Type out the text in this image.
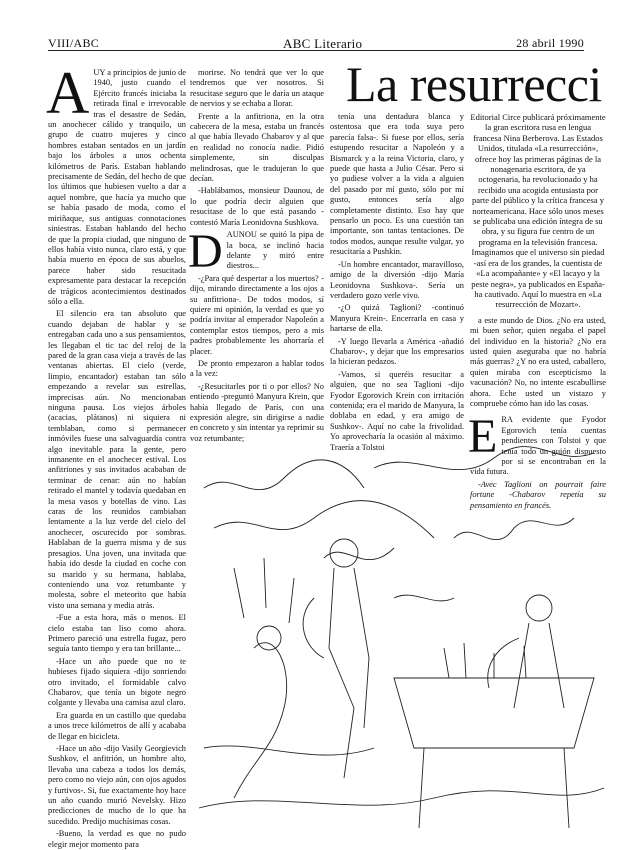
VIII/ABC	ABC Literario	28 abril 1990
La resurrecci

AUY a principios de junio de 1940, justo cuando el Ejército francés iniciaba la retirada final e irrevocable tras el desastre de Sedán, un anochecer cálido y tranquilo, un grupo de cuatro mujeres y cinco hombres estaban sentados en un jardín bajo los árboles a unos ochenta kilómetros de París. Estaban hablando precisamente de Sedán, del hecho de que los últimos que hubiesen vuelto a dar a aquel nombre, que hacía ya mucho que se había pasado de moda, como el miriñaque, sus antiguas connotaciones siniestras. Estaban hablando del hecho de que la propia ciudad, que ninguno de ellos había visto nunca, claro está, y que había muerto en época de sus abuelos, parece haber sido resucitada expresamente para destacar la recepción de trágicos acontecimientos destinados sólo a ella.

El silencio era tan absoluto que cuando dejaban de hablar y se entregaban cada uno a sus pensamientos, les llegaban el tic tac del reloj de la pared de la gran casa vieja a través de las ventanas abiertas. El cielo (verde, limpio, encantador) estaban tan sólo empezando a revelar sus estrellas, imprecisas aún. No mencionaban ninguna pausa. Los viejos árboles (acacias, plátanos) ni siquiera ni temblaban, como si permanecer inmóviles fuese una salvaguardia contra algo inevitable para la gente, pero inmanente en el anochecer estival. Los anfitriones y sus invitados acababan de terminar de cenar: aún no habían retirado el mantel y todavía quedaban en la mesa vasos y botellas de vino. Las caras de los reunidos cambiaban lentamente a la luz verde del cielo del anochecer, oscurecido por sombras. Hablaban de la guerra misma y de sus presagios. Una joven, una invitada que había ido desde la ciudad en coche con su marido y su hermana, hablaba, conteniendo una voz retumbante y molesta, sobre el meteorito que había visto una semana y media atrás.

-Fue a esta hora, más o menos. El cielo estaba tan liso como ahora. Primero pareció una estrella fugaz, pero seguía tanto tiempo y era tan brillante...

-Hace un año puede que no te hubieses fijado siquiera -dijo sonriendo otro invitado, el formidable calvo Chabarov, que tenía un bigote negro colgante y llevaba una camisa azul claro.

Era guarda en un castillo que quedaba a unos trece kilómetros de allí y acababa de llegar en bicicleta.

-Hace un año -dijo Vasily Georgievich Sushkov, el anfitrión, un hombre alto, llevaba una cabeza a todos los demás, pero como no viejo aún, con ojos agudos y furtivos-. Si, fue exactamente hoy hace un año cuando murió Nevelsky. Hizo predicciones de mucho de lo que ha sucedido. Predijo muchísimas cosas.

-Bueno, la verdad es que no pudo elegir mejor momento para

morirse. No tendrá que ver lo que tendremos que ver nosotros. Si resucitase seguro que le daría un ataque de nervios y se echaba a llorar.

Frente a la anfitriona, en la otra cabecera de la mesa, estaba un francés al que había llevado Chabarov y al que en realidad no conocía nadie. Pidió simplemente, sin disculpas melindrosas, que le tradujeran lo que decían.

-Hablábamos, monsieur Daunou, de lo que podría decir alguien que resucitase de lo que está pasando -contestó María Leonidovna Sushkova.

DAUNOU se quitó la pipa de la boca, se inclinó hacia delante y miró entre diestros...

-¿Para qué despertar a los muertos? -dijo, mirando directamente a los ojos a su anfitriona-. De todos modos, sí quiere mi opinión, la verdad es que yo podría invitar al emperador Napoleón a contemplar estos tiempos, pero a mis padres probablemente les ahorraría el placer.

De pronto empezaron a hablar todos a la vez:

-¿Resucitarles por ti o por ellos? No entiendo -preguntó Manyura Krein, que había llegado de París, con una expresión alegre, sin dirigirse a nadie en concreto y sin intentar ya reprimir su voz retumbante;

tenía una dentadura blanca y ostentosa que era toda suya pero parecía falsa-. Si fuese por ellos, sería estupendo resucitar a Napoleón y a Bismarck y a la reina Victoria, claro, y puede que hasta a Julio César. Pero si yo pudiese volver a la vida a alguien del pasado por mí gusto, sólo por mí gusto, entonces sería algo completamente distinto. Eso hay que pensarlo un poco. Es una cuestión tan importante, son tantas tentaciones. De todos modos, aunque resulte vulgar, yo resucitaría a Pushkin.

-Un hombre encantador, maravilloso, amigo de la diversión -dijo María Leonidovna Sushkova-. Sería un verdadero gozo verle vivo.

-¿O quizá Taglioni? -continuó Manyura Krein-. Encerrarla en casa y hartarse de ella.

-Y luego llevarla a América -añadió Chabarov-, y dejar que los empresarios la hicieran pedazos.

-Vamos, si queréis resucitar a alguien, que no sea Taglioni -dijo Fyodor Egorovich Krein con irritación contenida; era el marido de Manyura, la doblaba en edad, y era amigo de Sushkov-. Aquí no cabe la frivolidad. Yo aprovecharía la ocasión al máximo. Traería a Tolstoi

Editorial Circe publicará próximamente la gran escritora rusa en lengua francesa Nina Berberova. Las Estados Unidos, titulada «La resurrección», ofrece hoy las primeras páginas de la nonagenaria escritora, de ya octogenaria, ha revolucionado y ha recibido una acogida entusiasta por parte del público y la crítica francesa y norteamericana. Hace sólo unos meses se publicaba una edición íntegra de su obra, y su figura fue centro de un programa en la televisión francesa. Imaginamos que el universo sin piedad -así era de los grandes, la cuentista de «La acompañante» y «El lacayo y la peste negra», ya publicados en España- ha cautivado. Aquí lo muestra en «La resurrección de Mozart».

a este mundo de Dios. ¿No era usted, mi buen señor, quien negaba el papel del individuo en la historia? ¿No era usted quien aseguraba que no habría más guerras? ¿Y no era usted, caballero, quien miraba con escepticismo la vacunación? No, no intente escabullirse ahora. Eche usted un vistazo y compruebe cómo han ido las cosas.

ERA evidente que Fyodor Egorovich tenía cuentas pendientes con Tolstoi y que tenía todo un guión dispuesto por si se encontraban en la vida futura.

-Avec Taglioni on pourrait faire fortune -Chabarov repetía su pensamiento en francés.
